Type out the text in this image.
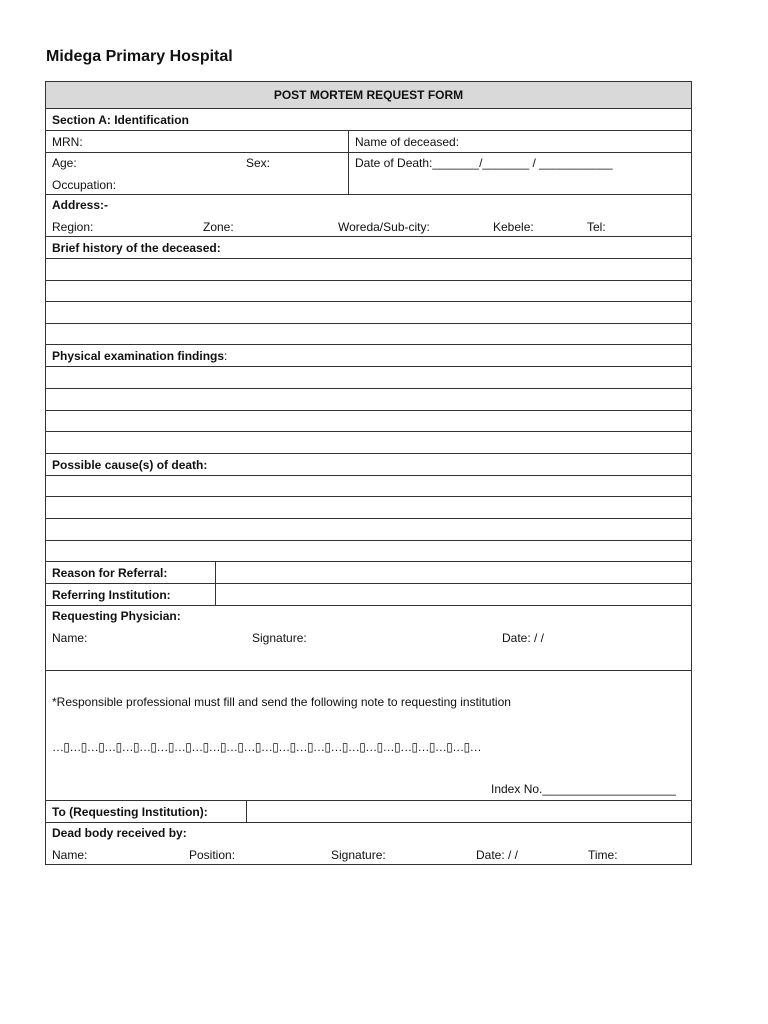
Midega Primary Hospital
POST MORTEM REQUEST FORM
Section A: Identification
MRN:	Name of deceased:
Age:	Sex:
Occupation:
Date of Death:_______/_______ / ___________
Address:-
Region:	Zone:	Woreda/Sub-city:	Kebele:	Tel:
Brief history of the deceased:
Physical examination findings:
Possible cause(s) of death:
Reason for Referral:
Referring Institution:
Requesting Physician:
Name:	Signature:	Date: / /
*Responsible professional must fill and send the following note to requesting institution
…▯…▯…▯…▯…▯…▯…▯…▯…▯…▯…▯…▯…▯…▯…▯…▯…▯…▯…▯…▯…▯…▯…▯…▯…
Index No.____________________
To (Requesting Institution):
Dead body received by:
Name:	Position:	Signature:	Date: / /	Time:
